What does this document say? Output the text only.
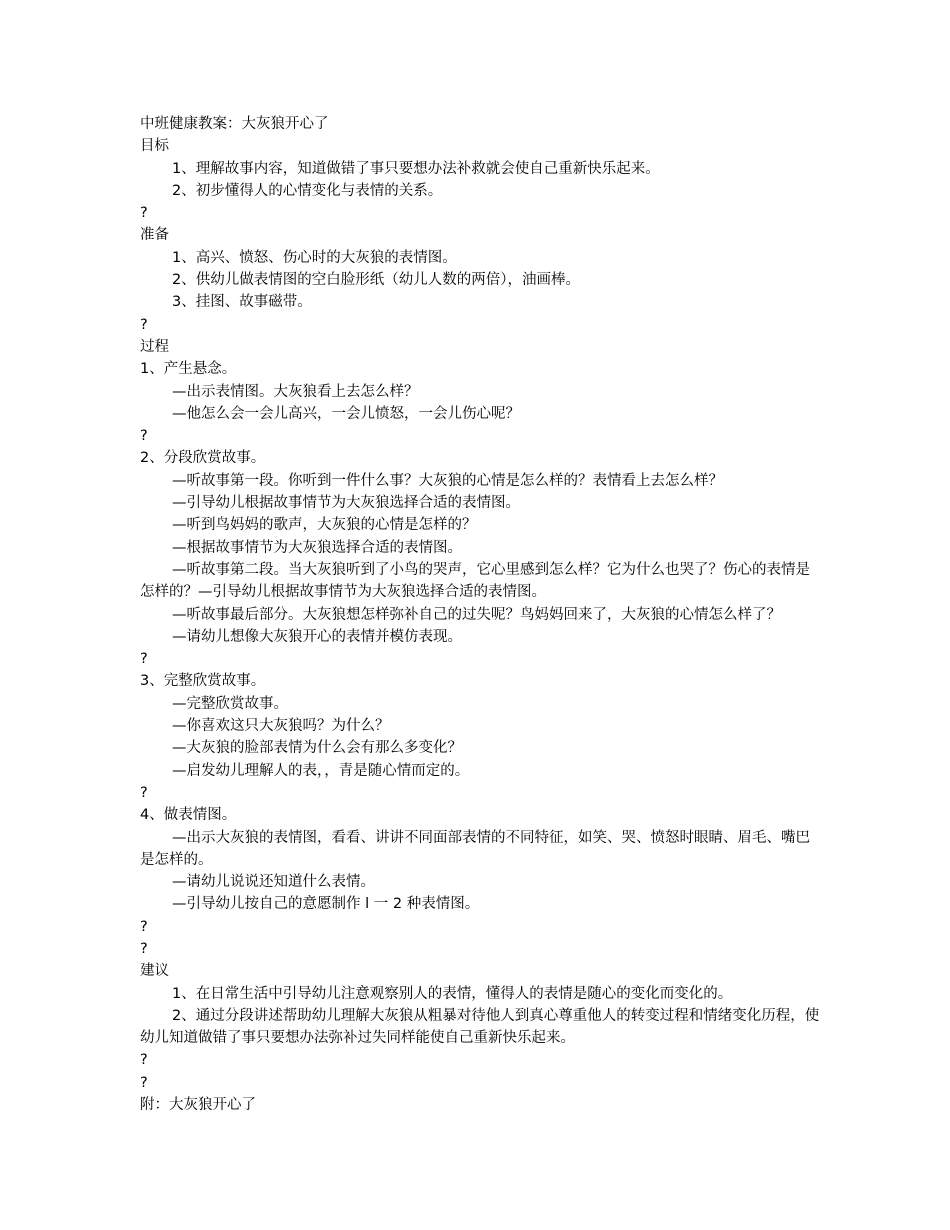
中班健康教案：大灰狼开心了
目标
1、理解故事内容，知道做错了事只要想办法补救就会使自己重新快乐起来。
2、初步懂得人的心情变化与表情的关系。
?
准备
1、高兴、愤怒、伤心时的大灰狼的表情图。
2、供幼儿做表情图的空白脸形纸（幼儿人数的两倍），油画棒。
3、挂图、故事磁带。
?
过程
1、产生悬念。
—出示表情图。大灰狼看上去怎么样？
—他怎么会一会儿高兴，一会儿愤怒，一会儿伤心呢？
?
2、分段欣赏故事。
—听故事第一段。你听到一件什么事？大灰狼的心情是怎么样的？表情看上去怎么样？
—引导幼儿根据故事情节为大灰狼选择合适的表情图。
—听到鸟妈妈的歌声，大灰狼的心情是怎样的？
—根据故事情节为大灰狼选择合适的表情图。

—听故事第二段。当大灰狼听到了小鸟的哭声，它心里感到怎么样？它为什么也哭了？伤心的表情是怎样的？—引导幼儿根据故事情节为大灰狼选择合适的表情图。

—听故事最后部分。大灰狼想怎样弥补自己的过失呢？鸟妈妈回来了，大灰狼的心情怎么样了？

—请幼儿想像大灰狼开心的表情并模仿表现。
?
3、完整欣赏故事。
—完整欣赏故事。
—你喜欢这只大灰狼吗？为什么？
—大灰狼的脸部表情为什么会有那么多变化？
—启发幼儿理解人的表，，青是随心情而定的。
?
4、做表情图。

—出示大灰狼的表情图，看看、讲讲不同面部表情的不同特征，如笑、哭、愤怒时眼睛、眉毛、嘴巴是怎样的。

—请幼儿说说还知道什么表情。
—引导幼儿按自己的意愿制作 l 一 2 种表情图。
?
?
建议
1、在日常生活中引导幼儿注意观察别人的表情，懂得人的表情是随心的变化而变化的。

2、通过分段讲述帮助幼儿理解大灰狼从粗暴对待他人到真心尊重他人的转变过程和情绪变化历程，使幼儿知道做错了事只要想办法弥补过失同样能使自己重新快乐起来。

?
?
附：大灰狼开心了
